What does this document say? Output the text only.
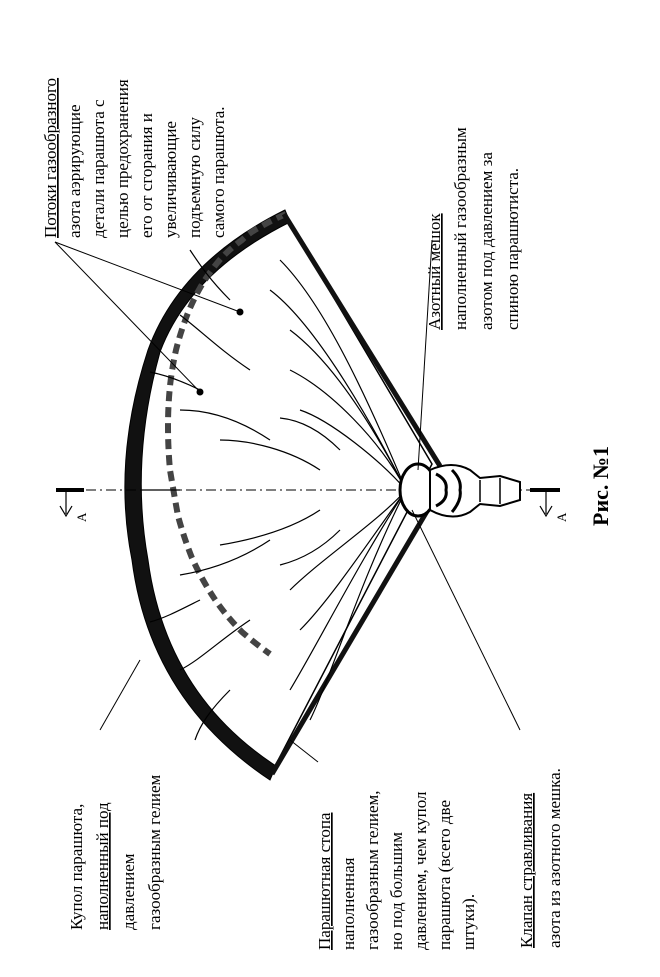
Потоки газообразного азота аэрирующие детали парашюта с целью предохранения его от сгорания и увеличивающие подъемную силу самого парашюта.
Азотный мешок наполненный газообразным азотом под давлением за спиною парашютиста.
Купол парашюта, наполненный под давлением газообразным гелием	Парашютная стопа наполненная газообразным гелием, но под большим давлением, чем купол парашюта (всего две штуки). Клапан стравливания азота из азотного мешка.
А	А Рис. №1
